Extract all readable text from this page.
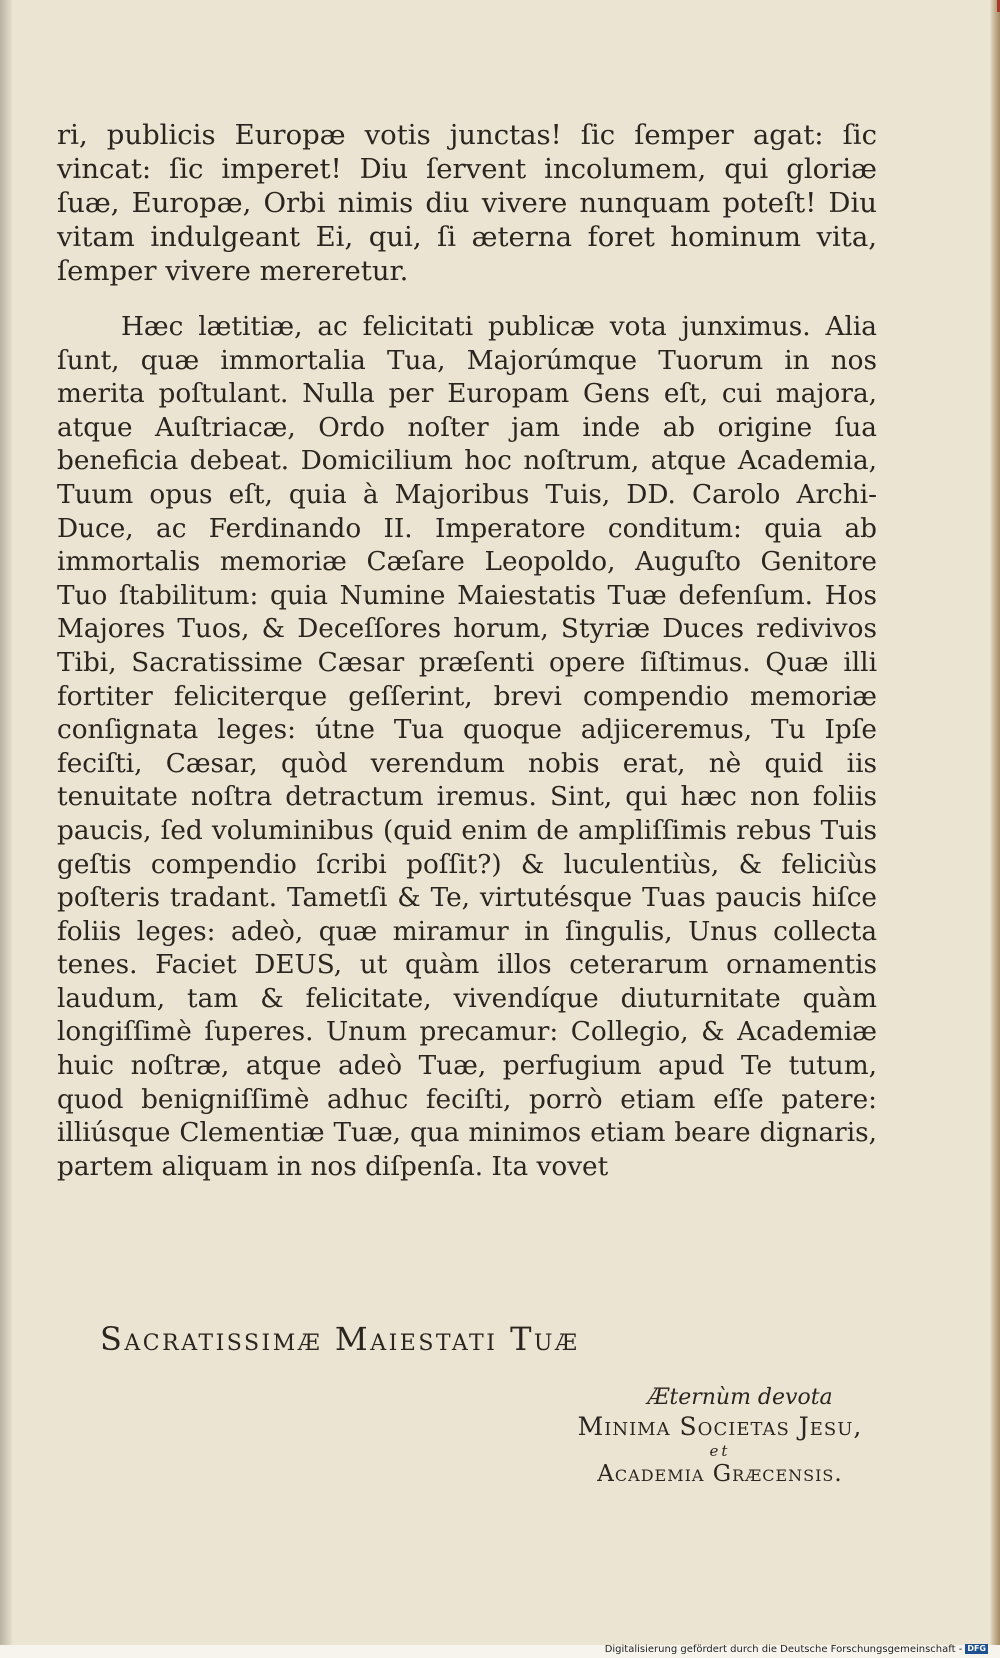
ri, publicis Europæ votis junctas! ſic ſemper agat: ſic vincat: ſic imperet! Diu ſervent incolumem, qui gloriæ ſuæ, Europæ, Orbi nimis diu vivere nunquam poteſt! Diu vitam indulgeant Ei, qui, ſi æterna foret hominum vita, ſemper vivere mereretur.

Hæc lætitiæ, ac felicitati publicæ vota junximus. Alia ſunt, quæ immortalia Tua, Majorúmque Tuorum in nos merita poſtulant. Nulla per Europam Gens eſt, cui majora, atque Auſtriacæ, Ordo noſter jam inde ab origine ſua beneficia debeat. Domicilium hoc noſtrum, atque Academia, Tuum opus eſt, quia à Majoribus Tuis, DD. Carolo Archi-Duce, ac Ferdinando II. Imperatore conditum: quia ab immortalis memoriæ Cæſare Leopoldo, Auguſto Genitore Tuo ſtabilitum: quia Numine Maiestatis Tuæ defenſum. Hos Majores Tuos, & Deceſſores horum, Styriæ Duces redivivos Tibi, Sacratissime Cæsar præſenti opere ſiſtimus. Quæ illi fortiter feliciterque geſſerint, brevi compendio memoriæ conſignata leges: útne Tua quoque adjiceremus, Tu Ipſe feciſti, Cæsar, quòd verendum nobis erat, nè quid iis tenuitate noſtra detractum iremus. Sint, qui hæc non foliis paucis, ſed voluminibus (quid enim de ampliſſimis rebus Tuis geſtis compendio ſcribi poſſit?) & luculentiùs, & feliciùs poſteris tradant. Tametſi & Te, virtutésque Tuas paucis hiſce foliis leges: adeò, quæ miramur in ſingulis, Unus collecta tenes. Faciet DEUS, ut quàm illos ceterarum ornamentis laudum, tam & felicitate, vivendíque diuturnitate quàm longiſſimè ſuperes. Unum precamur: Collegio, & Academiæ huic noſtræ, atque adeò Tuæ, perfugium apud Te tutum, quod benigniſſimè adhuc feciſti, porrò etiam eſſe patere: illiúsque Clementiæ Tuæ, qua minimos etiam beare dignaris, partem aliquam in nos diſpenſa. Ita vovet

Sacratissimæ Maiestati Tuæ
Æternùm devota
Minima Societas Jesu,
et
Academia Græcensis.
Digitalisierung gefördert durch die Deutsche Forschungsgemeinschaft - DFG
